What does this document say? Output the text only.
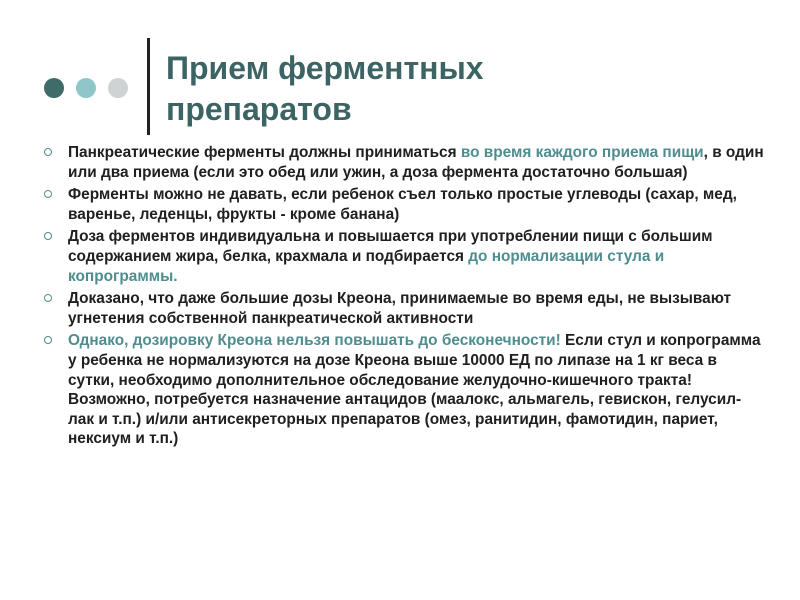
Прием ферментных
препаратов
Панкреатические ферменты должны приниматься во время каждого приема пищи, в один или два приема (если это обед или ужин, а доза фермента достаточно большая)
Ферменты можно не давать, если ребенок съел только простые углеводы (сахар, мед, варенье, леденцы, фрукты - кроме банана)
Доза ферментов индивидуальна и повышается при употреблении пищи с большим содержанием жира, белка, крахмала и подбирается до нормализации стула и копрограммы.
Доказано, что даже большие дозы Креона, принимаемые во время еды, не вызывают угнетения собственной панкреатической активности
Однако, дозировку Креона нельзя повышать до бесконечности! Если стул и копрограмма у ребенка не нормализуются на дозе Креона выше 10000 ЕД по липазе на 1 кг веса в сутки, необходимо дополнительное обследование желудочно-кишечного тракта! Возможно, потребуется назначение антацидов (маалокс, альмагель, гевискон, гелусил-лак и т.п.) и/или антисекреторных препаратов (омез, ранитидин, фамотидин, париет, нексиум и т.п.)
